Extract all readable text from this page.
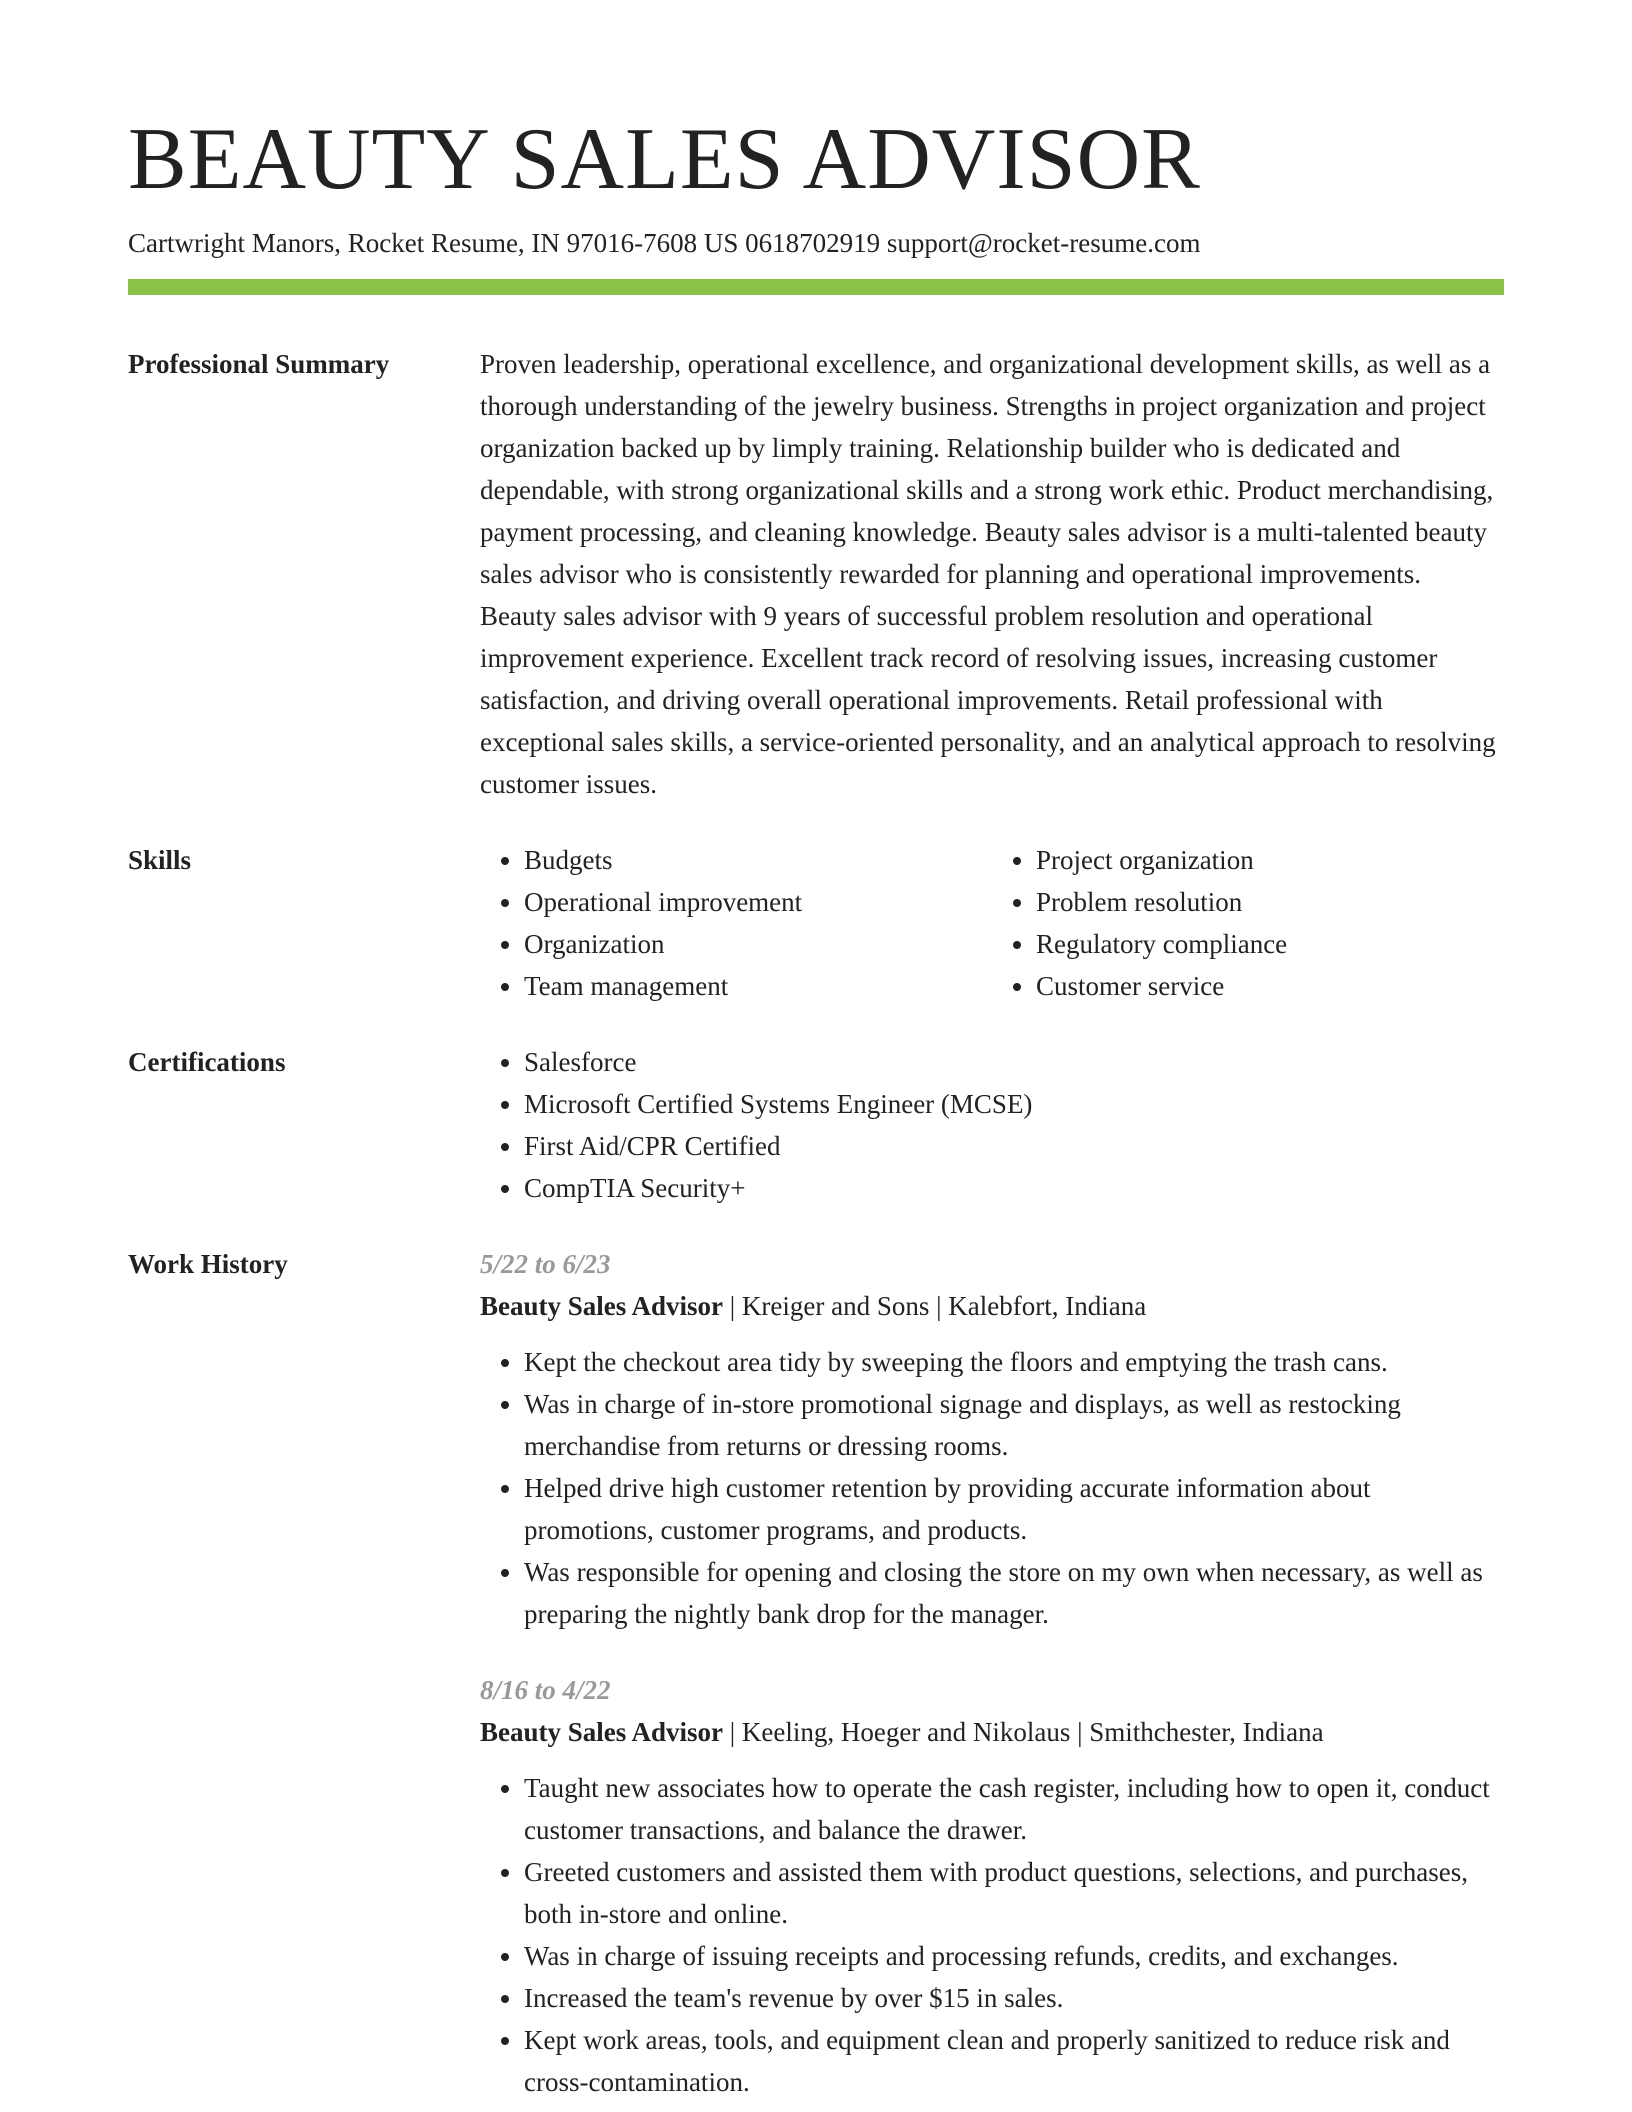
BEAUTY SALES ADVISOR
Cartwright Manors, Rocket Resume, IN 97016-7608 US 0618702919 support@rocket-resume.com
Professional Summary	Proven leadership, operational excellence, and organizational development skills, as well as a thorough understanding of the jewelry business. Strengths in project organization and project organization backed up by limply training. Relationship builder who is dedicated and dependable, with strong organizational skills and a strong work ethic. Product merchandising, payment processing, and cleaning knowledge. Beauty sales advisor is a multi-talented beauty sales advisor who is consistently rewarded for planning and operational improvements. Beauty sales advisor with 9 years of successful problem resolution and operational improvement experience. Excellent track record of resolving issues, increasing customer satisfaction, and driving overall operational improvements. Retail professional with exceptional sales skills, a service-oriented personality, and an analytical approach to resolving customer issues.

Skills	• Budgets
• Operational improvement
• Organization
• Team management
• Project organization
• Problem resolution
• Regulatory compliance
• Customer service
Certifications	• Salesforce
• Microsoft Certified Systems Engineer (MCSE)
• First Aid/CPR Certified
• CompTIA Security+
Work History	5/22 to 6/23
Beauty Sales Advisor | Kreiger and Sons | Kalebfort, Indiana
• Kept the checkout area tidy by sweeping the floors and emptying the trash cans.
• Was in charge of in-store promotional signage and displays, as well as restocking merchandise from returns or dressing rooms.
• Helped drive high customer retention by providing accurate information about promotions, customer programs, and products.
• Was responsible for opening and closing the store on my own when necessary, as well as preparing the nightly bank drop for the manager.
8/16 to 4/22
Beauty Sales Advisor | Keeling, Hoeger and Nikolaus | Smithchester, Indiana
• Taught new associates how to operate the cash register, including how to open it, conduct customer transactions, and balance the drawer.
• Greeted customers and assisted them with product questions, selections, and purchases, both in-store and online.
• Was in charge of issuing receipts and processing refunds, credits, and exchanges.
• Increased the team's revenue by over $15 in sales.
• Kept work areas, tools, and equipment clean and properly sanitized to reduce risk and cross-contamination.
